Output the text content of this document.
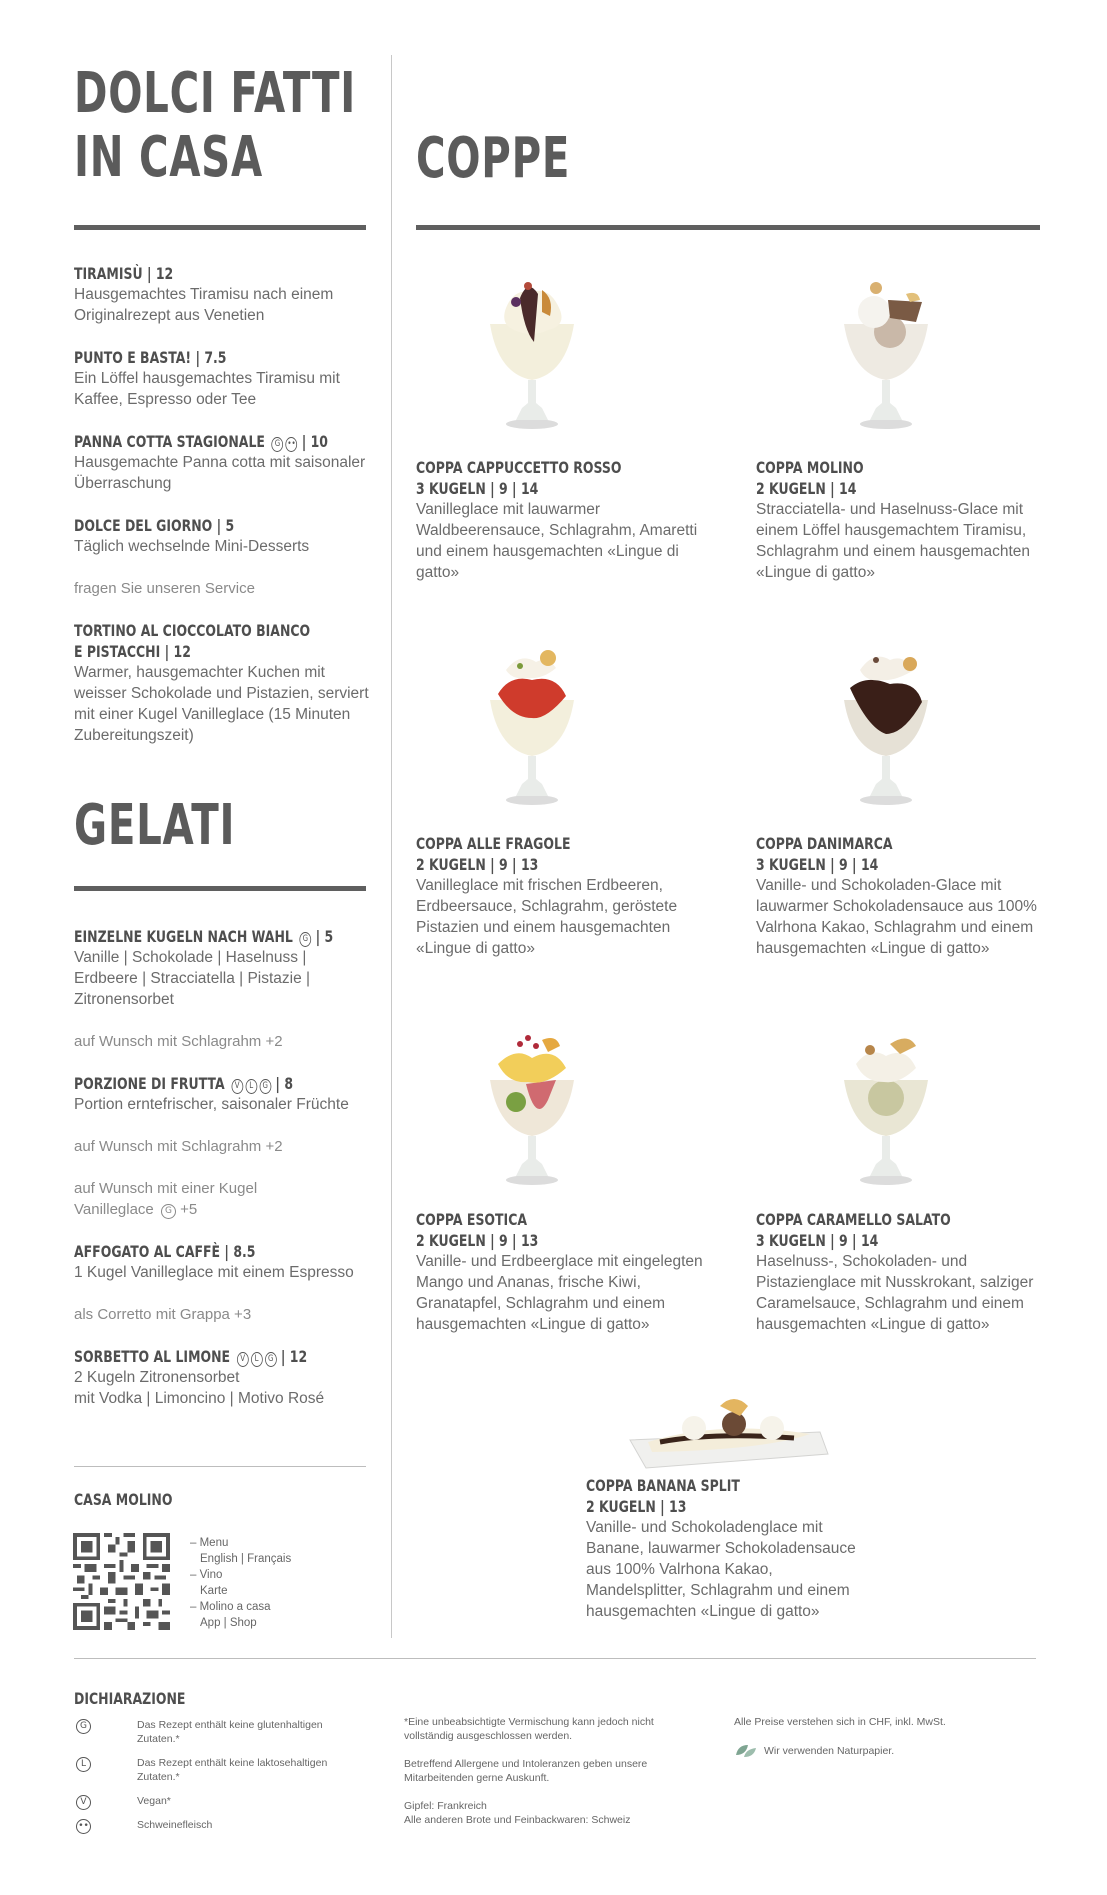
DOLCI FATTI
IN CASA
TIRAMISÙ | 12
Hausgemachtes Tiramisu nach einem Originalrezept aus Venetien
PUNTO E BASTA! | 7.5
Ein Löffel hausgemachtes Tiramisu mit Kaffee, Espresso oder Tee
PANNA COTTA STAGIONALE G •• | 10
Hausgemachte Panna cotta mit saisonaler Überraschung
DOLCE DEL GIORNO | 5
Täglich wechselnde Mini-Desserts
fragen Sie unseren Service
TORTINO AL CIOCCOLATO BIANCO
E PISTACCHI | 12
Warmer, hausgemachter Kuchen mit weisser Schokolade und Pistazien, serviert mit einer Kugel Vanilleglace (15 Minuten Zubereitungszeit)
GELATI
EINZELNE KUGELN NACH WAHL G | 5
Vanille | Schokolade | Haselnuss | Erdbeere | Stracciatella | Pistazie | Zitronensorbet
auf Wunsch mit Schlagrahm +2
PORZIONE DI FRUTTA V L G | 8
Portion erntefrischer, saisonaler Früchte
auf Wunsch mit Schlagrahm +2
auf Wunsch mit einer Kugel
Vanilleglace G +5
AFFOGATO AL CAFFÈ | 8.5
1 Kugel Vanilleglace mit einem Espresso
als Corretto mit Grappa +3
SORBETTO AL LIMONE V L G | 12
2 Kugeln Zitronensorbet
mit Vodka | Limoncino | Motivo Rosé
CASA MOLINO
– Menu
English | Français
– Vino
Karte
– Molino a casa
App | Shop
COPPE
COPPA CAPPUCCETTO ROSSO
3 KUGELN | 9 | 14
Vanilleglace mit lauwarmer Waldbeerensauce, Schlagrahm, Amaretti und einem hausgemachten «Lingue di gatto»
COPPA MOLINO
2 KUGELN | 14
Stracciatella- und Haselnuss-Glace mit einem Löffel hausgemachtem Tiramisu, Schlagrahm und einem hausgemachten «Lingue di gatto»
COPPA ALLE FRAGOLE
2 KUGELN | 9 | 13
Vanilleglace mit frischen Erdbeeren, Erdbeersauce, Schlagrahm, geröstete Pistazien und einem hausgemachten «Lingue di gatto»
COPPA DANIMARCA
3 KUGELN | 9 | 14
Vanille- und Schokoladen-Glace mit lauwarmer Schokoladensauce aus 100% Valrhona Kakao, Schlagrahm und einem hausgemachten «Lingue di gatto»
COPPA ESOTICA
2 KUGELN | 9 | 13
Vanille- und Erdbeerglace mit eingelegten Mango und Ananas, frische Kiwi, Granatapfel, Schlagrahm und einem hausgemachten «Lingue di gatto»
COPPA CARAMELLO SALATO
3 KUGELN | 9 | 14
Haselnuss-, Schokoladen- und Pistazienglace mit Nusskrokant, salziger Caramelsauce, Schlagrahm und einem hausgemachten «Lingue di gatto»
COPPA BANANA SPLIT
2 KUGELN | 13
Vanille- und Schokoladenglace mit Banane, lauwarmer Schokoladensauce aus 100% Valrhona Kakao, Mandelsplitter, Schlagrahm und einem hausgemachten «Lingue di gatto»
DICHIARAZIONE
G	Das Rezept enthält keine glutenhaltigen Zutaten.*
L	Das Rezept enthält keine laktosehaltigen Zutaten.*
V	Vegan*
••	Schweinefleisch
*Eine unbeabsichtigte Vermischung kann jedoch nicht vollständig ausgeschlossen werden.
Betreffend Allergene und Intoleranzen geben unsere Mitarbeitenden gerne Auskunft.
Gipfel: Frankreich
Alle anderen Brote und Feinbackwaren: Schweiz
Alle Preise verstehen sich in CHF, inkl. MwSt.
Wir verwenden Naturpapier.
